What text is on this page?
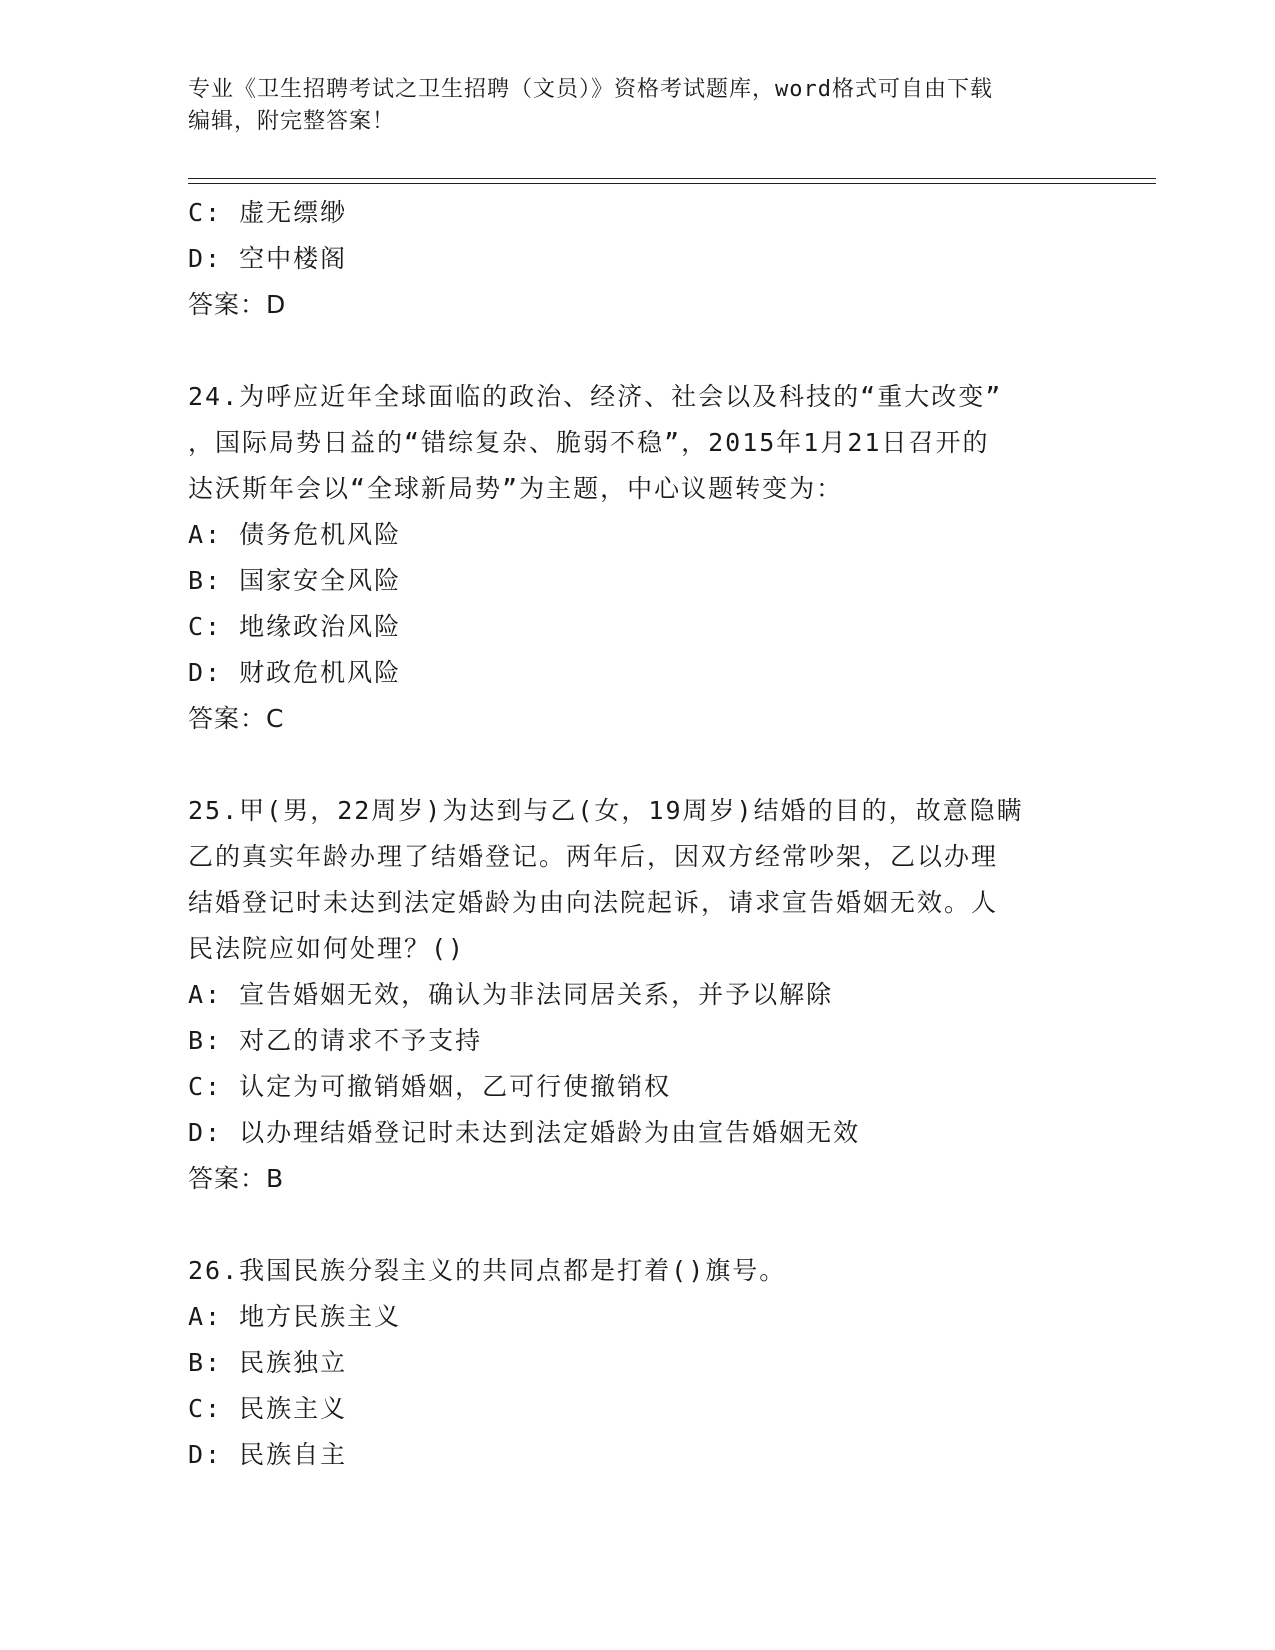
专业《卫生招聘考试之卫生招聘（文员）》资格考试题库，word格式可自由下载
编辑，附完整答案！
C: 虚无缥缈
D: 空中楼阁
答案：D
24.为呼应近年全球面临的政治、经济、社会以及科技的“重大改变”
，国际局势日益的“错综复杂、脆弱不稳”，2015年1月21日召开的
达沃斯年会以“全球新局势”为主题，中心议题转变为：
A: 债务危机风险
B: 国家安全风险
C: 地缘政治风险
D: 财政危机风险
答案：C
25.甲(男，22周岁)为达到与乙(女，19周岁)结婚的目的，故意隐瞒
乙的真实年龄办理了结婚登记。两年后，因双方经常吵架，乙以办理
结婚登记时未达到法定婚龄为由向法院起诉，请求宣告婚姻无效。人
民法院应如何处理？()
A: 宣告婚姻无效，确认为非法同居关系，并予以解除
B: 对乙的请求不予支持
C: 认定为可撤销婚姻，乙可行使撤销权
D: 以办理结婚登记时未达到法定婚龄为由宣告婚姻无效
答案：B
26.我国民族分裂主义的共同点都是打着()旗号。
A: 地方民族主义
B: 民族独立
C: 民族主义
D: 民族自主
